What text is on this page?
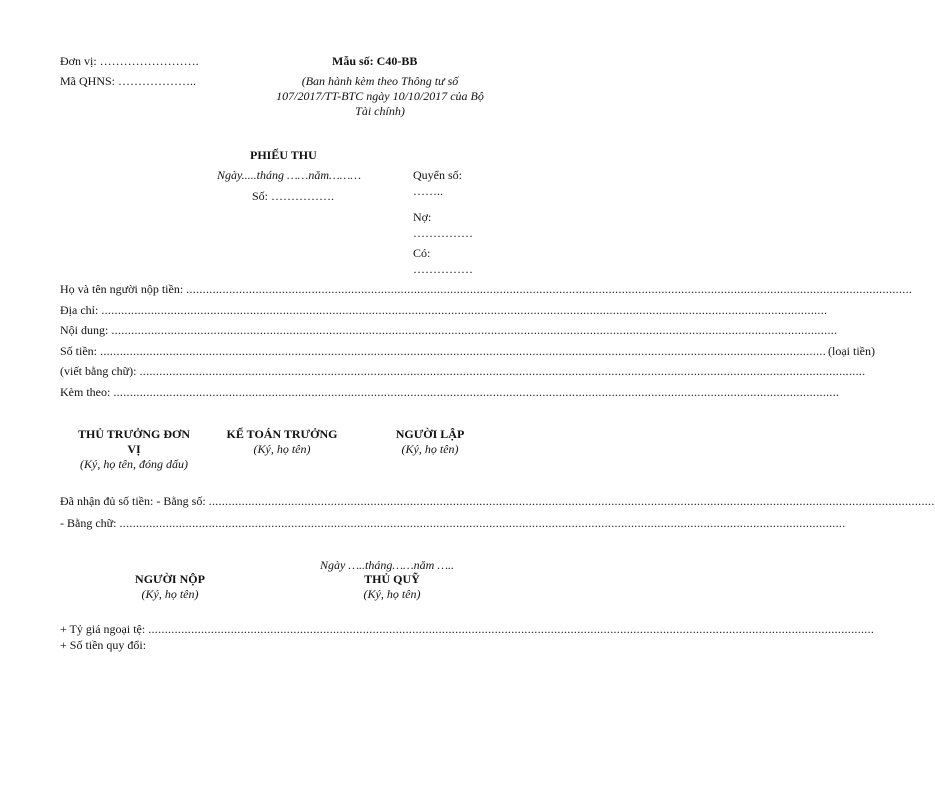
Đơn vị: …………………….
Mã QHNS: ………………..
Mẫu số: C40-BB
(Ban hành kèm theo Thông tư số
107/2017/TT-BTC ngày 10/10/2017 của Bộ
Tài chính)
PHIẾU THU
Ngày.....tháng ……năm………
Số: …………….
Quyển số:
……..
Nợ:
……………
Có:
……………
Họ và tên người nộp tiền: ............................................................................................................................................................................................................................
Địa chỉ: ............................................................................................................................................................................................................................
Nội dung: ............................................................................................................................................................................................................................
Số tiền: ............................................................................................................................................................................................................................ (loại tiền)
(viết bằng chữ): ............................................................................................................................................................................................................................
Kèm theo: ............................................................................................................................................................................................................................
THỦ TRƯỞNG ĐƠN
VỊ
(Ký, họ tên, đóng dấu)
KẾ TOÁN TRƯỞNG
(Ký, họ tên)
NGƯỜI LẬP
(Ký, họ tên)
Đã nhận đủ số tiền: - Bằng số: ............................................................................................................................................................................................................................
- Bằng chữ: ............................................................................................................................................................................................................................
Ngày …..tháng……năm …..
NGƯỜI NỘP
(Ký, họ tên)
THỦ QUỸ
(Ký, họ tên)
+ Tỷ giá ngoại tệ: ............................................................................................................................................................................................................................
+ Số tiền quy đổi:
